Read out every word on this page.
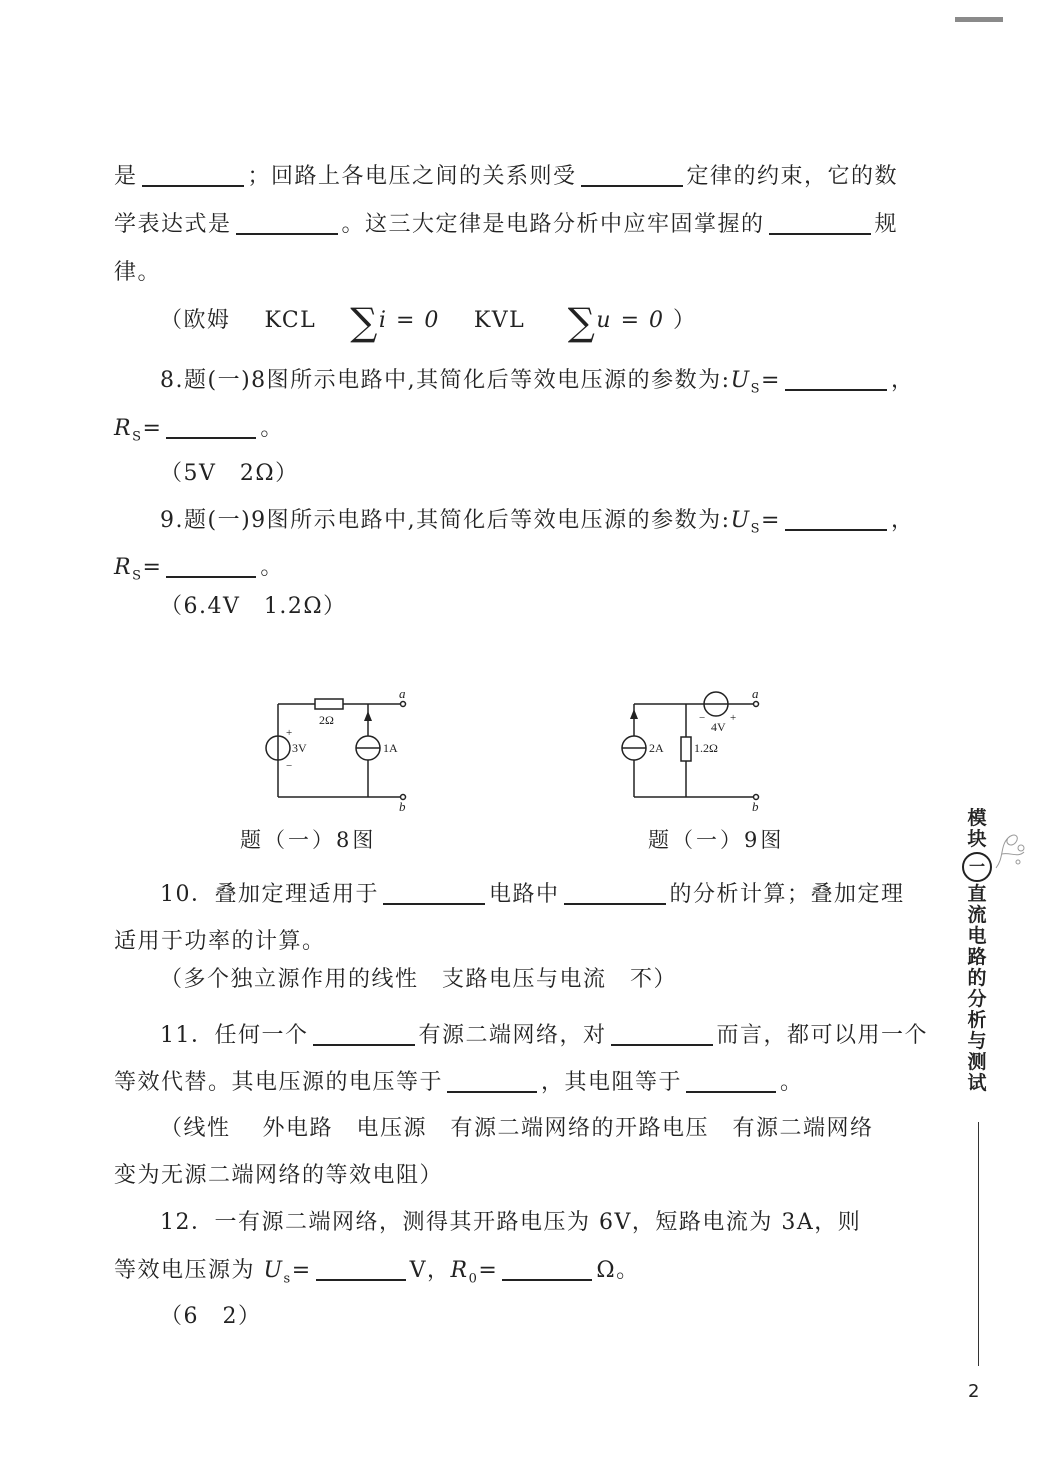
是	；回路上各电压之间的关系则受	定律的约束，它的数
学表达式是	。这三大定律是电路分析中应牢固掌握的	规
律。
（欧姆 KCL ∑i = 0 KVL ∑u = 0 ）
8.题(一)8图所示电路中,其简化后等效电压源的参数为$:U_S=$	，
$R_S=$	。
（5V　2Ω）
9.题(一)9图所示电路中,其简化后等效电压源的参数为$:U_S=$	，
$R_S=$	。
（6.4V　1.2Ω）
10．叠加定理适用于	电路中	的分析计算；叠加定理
适用于功率的计算。
（多个独立源作用的线性　支路电压与电流　不）
11．任何一个	有源二端网络，对	而言，都可以用一个
等效代替。其电压源的电压等于	，其电阻等于	。
（线性　 外电路　电压源　有源二端网络的开路电压　有源二端网络
变为无源二端网络的等效电阻）
12．一有源二端网络，测得其开路电压为 6V，短路电流为 3A，则
等效电压源为 $U_s=$	V，$R_0=$	Ω。
（6　2）
2Ω
3V	1A
+
−
a
b
题（一）8图
2A	1.2Ω
4V
− +
a
b
题（一）9图
模
块
一
直
流
电
路
的
分
析
与
测
试
2
